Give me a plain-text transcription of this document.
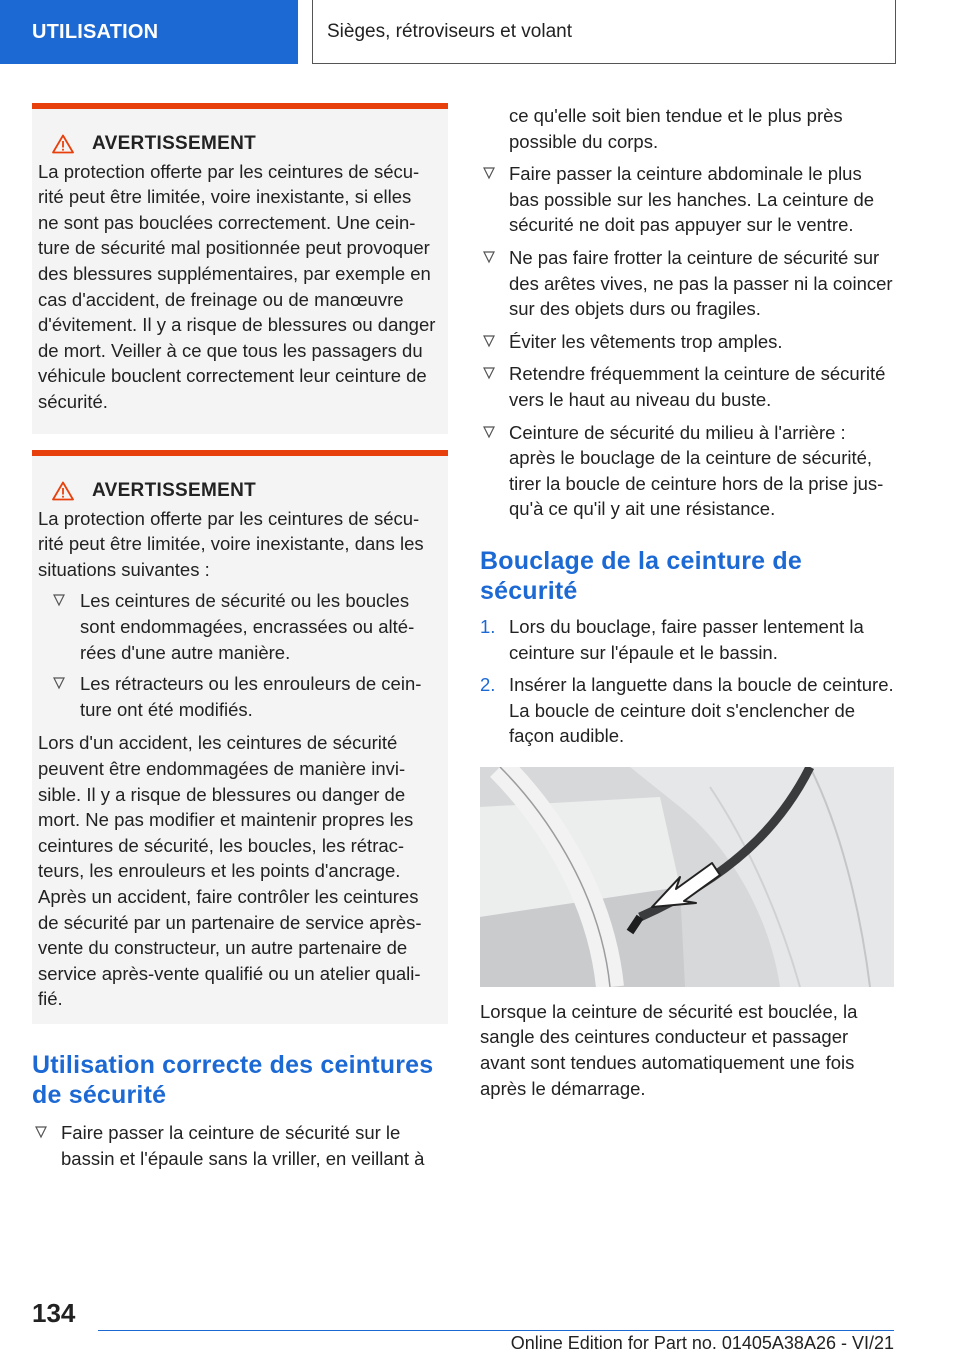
UTILISATION	Sièges, rétroviseurs et volant
AVERTISSEMENT

La protection offerte par les ceintures de sécurité peut être limitée, voire inexistante, si elles ne sont pas bouclées correctement. Une ceinture de sécurité mal positionnée peut provoquer des blessures supplémentaires, par exemple en cas d'accident, de freinage ou de manœuvre d'évitement. Il y a risque de blessures ou danger de mort. Veiller à ce que tous les passagers du véhicule bouclent correctement leur ceinture de sécurité.

AVERTISSEMENT

La protection offerte par les ceintures de sécurité peut être limitée, voire inexistante, dans les situations suivantes :

Les ceintures de sécurité ou les boucles sont endommagées, encrassées ou altérées d'une autre manière.
Les rétracteurs ou les enrouleurs de ceinture ont été modifiés.

Lors d'un accident, les ceintures de sécurité peuvent être endommagées de manière invisible. Il y a risque de blessures ou danger de mort. Ne pas modifier et maintenir propres les ceintures de sécurité, les boucles, les rétracteurs, les enrouleurs et les points d'ancrage. Après un accident, faire contrôler les ceintures de sécurité par un partenaire de service après-vente du constructeur, un autre partenaire de service après-vente qualifié ou un atelier qualifié.

Utilisation correcte des ceintures de sécurité
Faire passer la ceinture de sécurité sur le bassin et l'épaule sans la vriller, en veillant à

ce qu'elle soit bien tendue et le plus près possible du corps.

Faire passer la ceinture abdominale le plus bas possible sur les hanches. La ceinture de sécurité ne doit pas appuyer sur le ventre.
Ne pas faire frotter la ceinture de sécurité sur des arêtes vives, ne pas la passer ni la coincer sur des objets durs ou fragiles.
Éviter les vêtements trop amples.
Retendre fréquemment la ceinture de sécurité vers le haut au niveau du buste.
Ceinture de sécurité du milieu à l'arrière : après le bouclage de la ceinture de sécurité, tirer la boucle de ceinture hors de la prise jusqu'à ce qu'il y ait une résistance.
Bouclage de la ceinture de sécurité
1. Lors du bouclage, faire passer lentement la ceinture sur l'épaule et le bassin.
2. Insérer la languette dans la boucle de ceinture. La boucle de ceinture doit s'enclencher de façon audible.

Lorsque la ceinture de sécurité est bouclée, la sangle des ceintures conducteur et passager avant sont tendues automatiquement une fois après le démarrage.

134
Online Edition for Part no. 01405A38A26 - VI/21
